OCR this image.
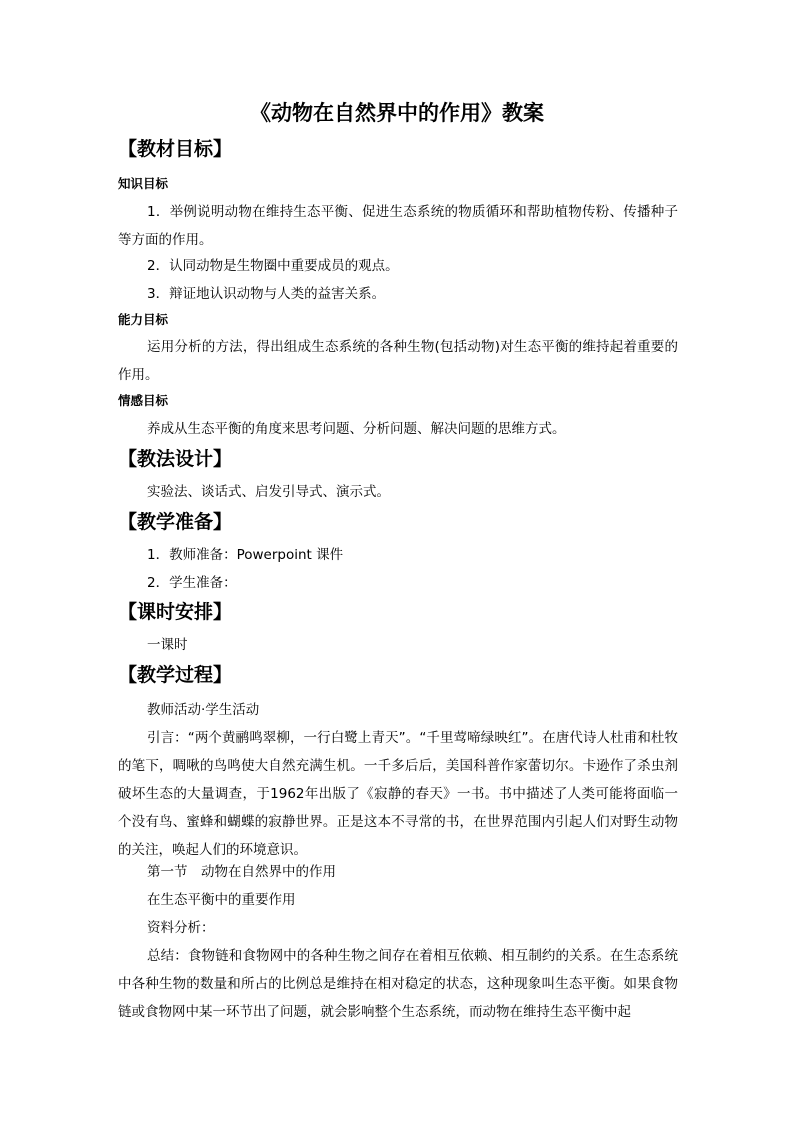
《动物在自然界中的作用》教案
【教材目标】
知识目标
1．举例说明动物在维持生态平衡、促进生态系统的物质循环和帮助植物传粉、传播种子等方面的作用。
2．认同动物是生物圈中重要成员的观点。
3．辩证地认识动物与人类的益害关系。
能力目标
运用分析的方法，得出组成生态系统的各种生物(包括动物)对生态平衡的维持起着重要的作用。
情感目标
养成从生态平衡的角度来思考问题、分析问题、解决问题的思维方式。
【教法设计】
实验法、谈话式、启发引导式、演示式。
【教学准备】
1．教师准备：Powerpoint 课件
2．学生准备：
【课时安排】
一课时
【教学过程】
教师活动·学生活动
引言：“两个黄鹂鸣翠柳，一行白鹭上青天”。“千里莺啼绿映红”。在唐代诗人杜甫和杜牧的笔下，啁啾的鸟鸣使大自然充满生机。一千多后后，美国科普作家蕾切尔。卡逊作了杀虫剂破坏生态的大量调查，于1962年出版了《寂静的春天》一书。书中描述了人类可能将面临一个没有鸟、蜜蜂和蝴蝶的寂静世界。正是这本不寻常的书，在世界范围内引起人们对野生动物的关注，唤起人们的环境意识。
第一节　动物在自然界中的作用
在生态平衡中的重要作用
资料分析：
总结：食物链和食物网中的各种生物之间存在着相互依赖、相互制约的关系。在生态系统中各种生物的数量和所占的比例总是维持在相对稳定的状态，这种现象叫生态平衡。如果食物链或食物网中某一环节出了问题，就会影响整个生态系统，而动物在维持生态平衡中起
